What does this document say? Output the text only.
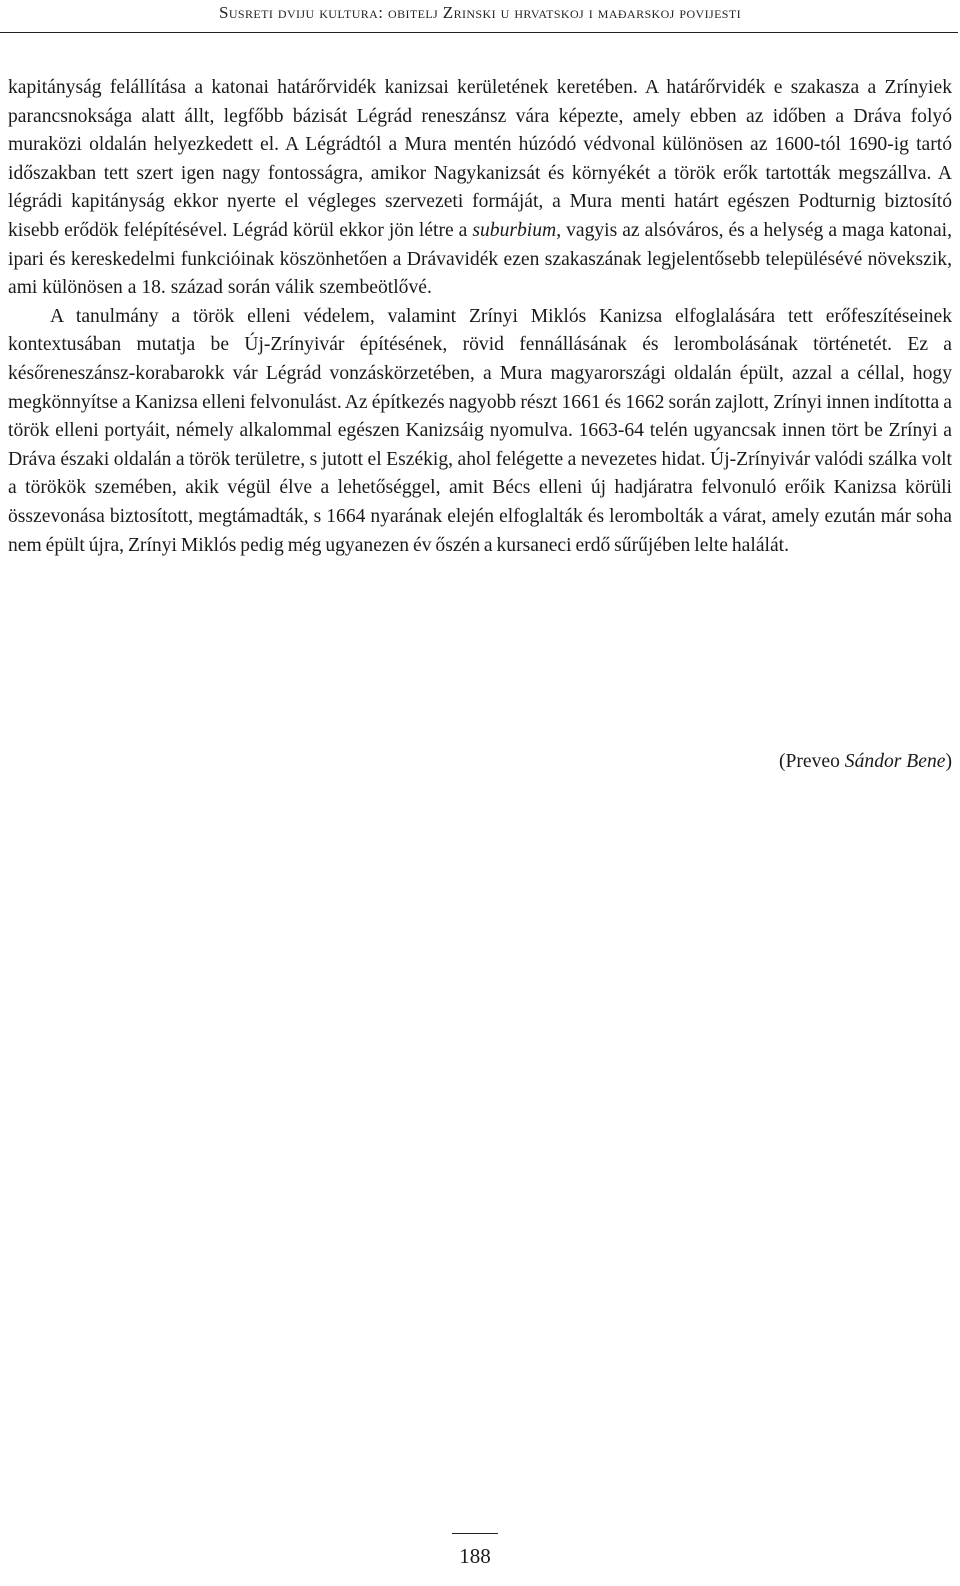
Susreti dviju kultura: obitelj Zrinski u hrvatskoj i mađarskoj povijesti

kapitányság felállítása a katonai határőrvidék kanizsai kerületének keretében. A határőrvidék e szakasza a Zrínyiek parancsnoksága alatt állt, legfőbb bázisát Légrád reneszánsz vára képezte, amely ebben az időben a Dráva folyó muraközi oldalán helyezkedett el. A Légrádtól a Mura mentén húzódó védvonal különösen az 1600-tól 1690-ig tartó időszakban tett szert igen nagy fontosságra, amikor Nagykanizsát és környékét a török erők tartották megszállva. A légrádi kapitányság ekkor nyerte el végleges szervezeti formáját, a Mura menti határt egészen Podturnig biztosító kisebb erődök felépítésével. Légrád körül ekkor jön létre a suburbium, vagyis az alsóváros, és a helység a maga katonai, ipari és kereskedelmi funkcióinak köszönhetően a Drávavidék ezen szakaszának legjelentősebb településévé növekszik, ami különösen a 18. század során válik szembeötlővé.

A tanulmány a török elleni védelem, valamint Zrínyi Miklós Kanizsa elfoglalására tett erőfeszítéseinek kontextusában mutatja be Új-Zrínyivár építésének, rövid fennállásának és lerombolásának történetét. Ez a későreneszánsz-korabarokk vár Légrád vonzáskörzetében, a Mura magyarországi oldalán épült, azzal a céllal, hogy megkönnyítse a Kanizsa elleni felvonulást. Az építkezés nagyobb részt 1661 és 1662 során zajlott, Zrínyi innen indította a török elleni portyáit, némely alkalommal egészen Kanizsáig nyomulva. 1663-64 telén ugyancsak innen tört be Zrínyi a Dráva északi oldalán a török területre, s jutott el Eszékig, ahol felégette a nevezetes hidat. Új-Zrínyivár valódi szálka volt a törökök szemében, akik végül élve a lehetőséggel, amit Bécs elleni új hadjáratra felvonuló erőik Kanizsa körüli összevonása biztosított, megtámadták, s 1664 nyarának elején elfoglalták és lerombolták a várat, amely ezután már soha nem épült újra, Zrínyi Miklós pedig még ugyanezen év őszén a kursaneci erdő sűrűjében lelte halálát.

(Preveo Sándor Bene)
188
